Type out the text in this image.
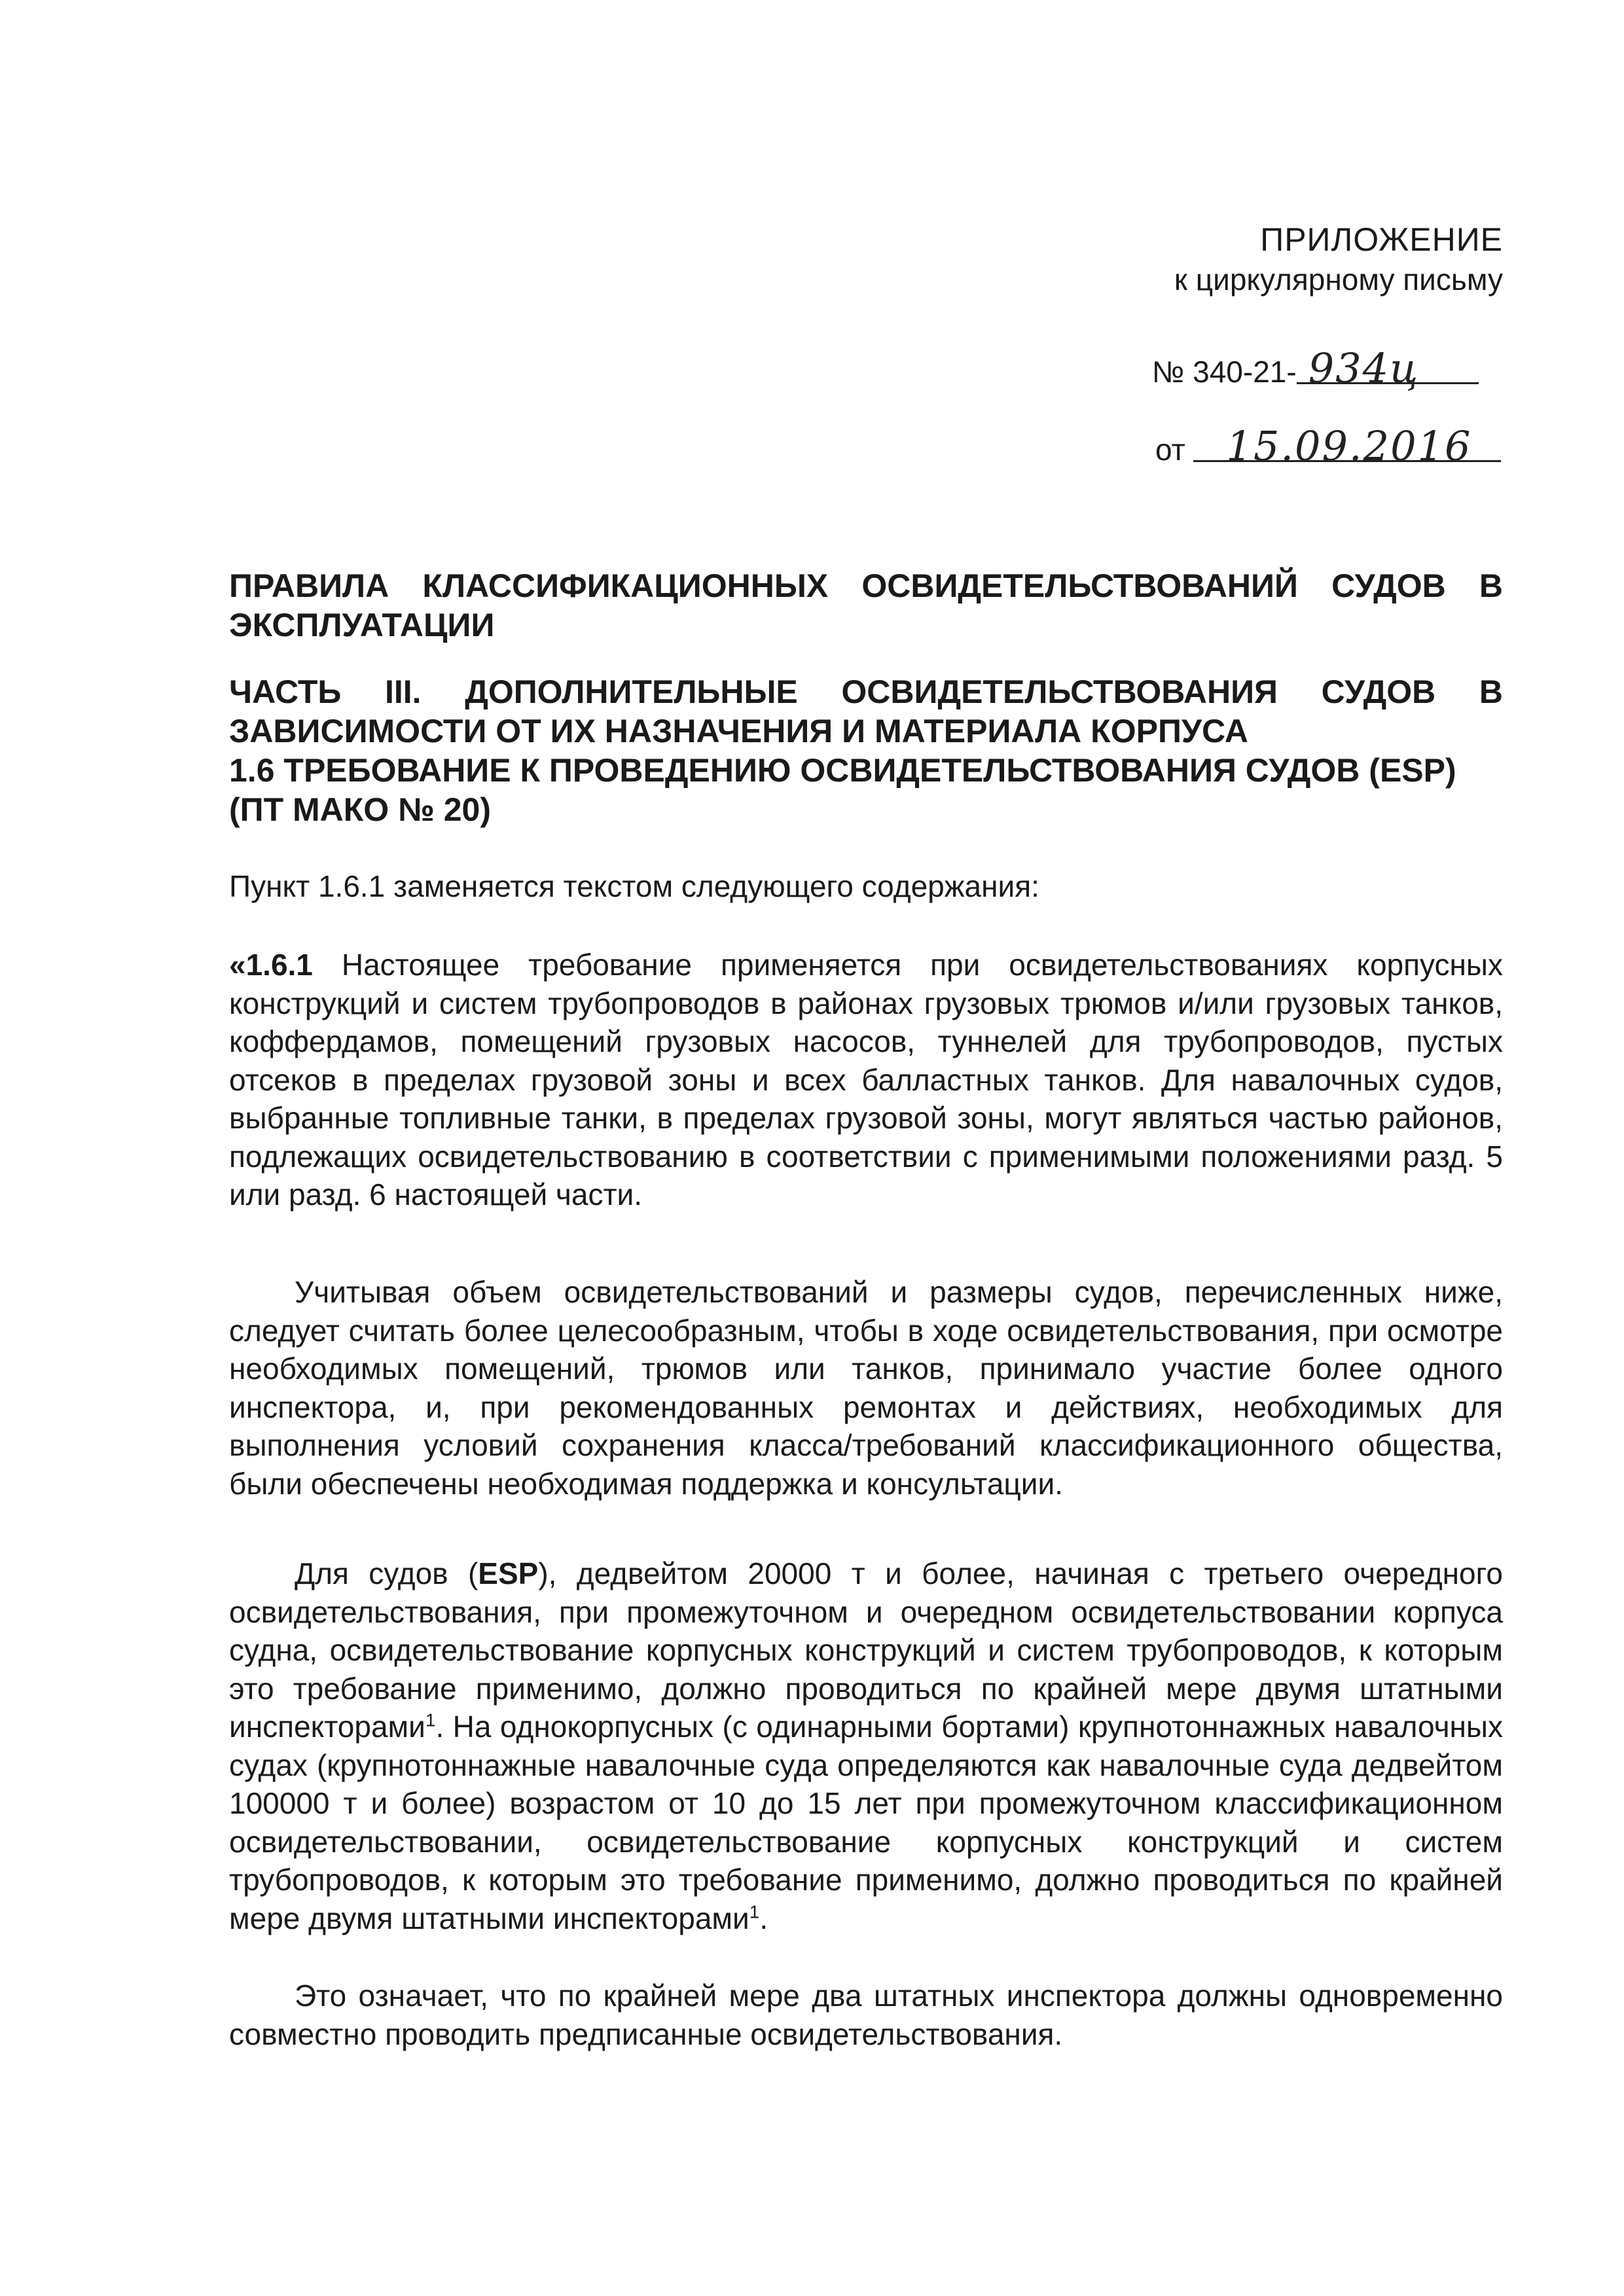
ПРИЛОЖЕНИЕ
к циркулярному письму
№ 340-21- 934ц
от 15.09.2016
ПРАВИЛА КЛАССИФИКАЦИОННЫХ ОСВИДЕТЕЛЬСТВОВАНИЙ СУДОВ В
ЭКСПЛУАТАЦИИ
ЧАСТЬ III. ДОПОЛНИТЕЛЬНЫЕ ОСВИДЕТЕЛЬСТВОВАНИЯ СУДОВ В
ЗАВИСИМОСТИ ОТ ИХ НАЗНАЧЕНИЯ И МАТЕРИАЛА КОРПУСА
1.6 ТРЕБОВАНИЕ К ПРОВЕДЕНИЮ ОСВИДЕТЕЛЬСТВОВАНИЯ СУДОВ (ESP)
(ПТ МАКО № 20)
Пункт 1.6.1 заменяется текстом следующего содержания:
«1.6.1 Настоящее требование применяется при освидетельствованиях корпусных конструкций и систем трубопроводов в районах грузовых трюмов и/или грузовых танков, коффердамов, помещений грузовых насосов, туннелей для трубопроводов, пустых отсеков в пределах грузовой зоны и всех балластных танков. Для навалочных судов, выбранные топливные танки, в пределах грузовой зоны, могут являться частью районов, подлежащих освидетельствованию в соответствии с применимыми положениями разд. 5 или разд. 6 настоящей части.
Учитывая объем освидетельствований и размеры судов, перечисленных ниже, следует считать более целесообразным, чтобы в ходе освидетельствования, при осмотре необходимых помещений, трюмов или танков, принимало участие более одного инспектора, и, при рекомендованных ремонтах и действиях, необходимых для выполнения условий сохранения класса/требований классификационного общества, были обеспечены необходимая поддержка и консультации.
Для судов (ESP), дедвейтом 20000 т и более, начиная с третьего очередного освидетельствования, при промежуточном и очередном освидетельствовании корпуса судна, освидетельствование корпусных конструкций и систем трубопроводов, к которым это требование применимо, должно проводиться по крайней мере двумя штатными инспекторами$^1$. На однокорпусных (с одинарными бортами) крупнотоннажных навалочных судах (крупнотоннажные навалочные суда определяются как навалочные суда дедвейтом 100000 т и более) возрастом от 10 до 15 лет при промежуточном классификационном освидетельствовании, освидетельствование корпусных конструкций и систем трубопроводов, к которым это требование применимо, должно проводиться по крайней мере двумя штатными инспекторами$^1$.
Это означает, что по крайней мере два штатных инспектора должны одновременно совместно проводить предписанные освидетельствования.
